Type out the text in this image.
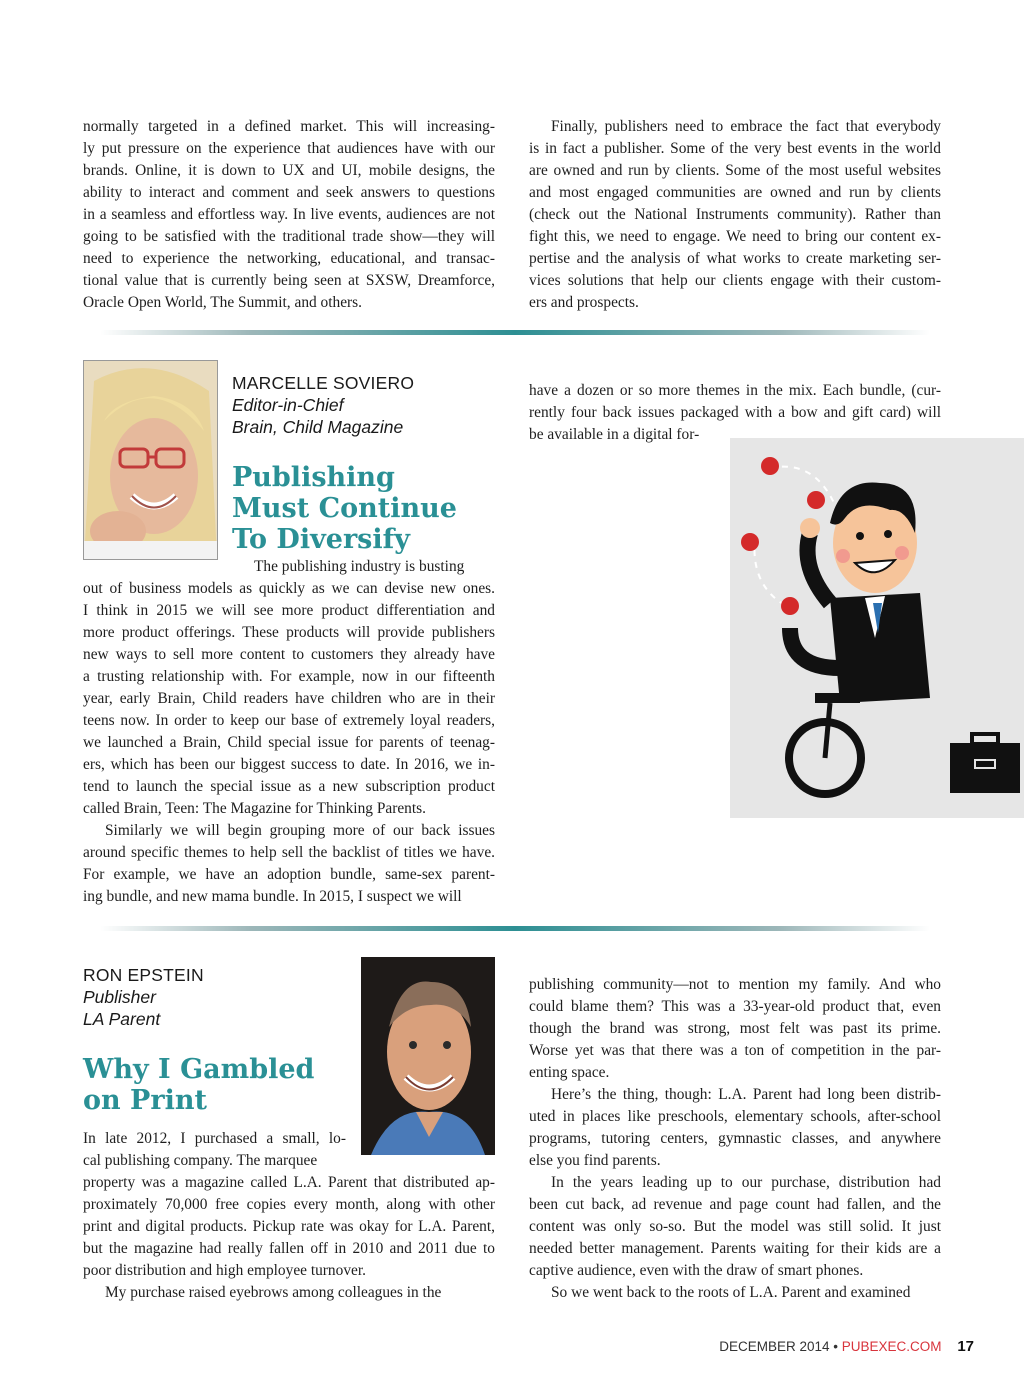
normally targeted in a defined market. This will increasing-
ly put pressure on the experience that audiences have with our
brands. Online, it is down to UX and UI, mobile designs, the
ability to interact and comment and seek answers to questions
in a seamless and effortless way. In live events, audiences are not
going to be satisfied with the traditional trade show—they will
need to experience the networking, educational, and transac-
tional value that is currently being seen at SXSW, Dreamforce,
Oracle Open World, The Summit, and others.
Finally, publishers need to embrace the fact that everybody
is in fact a publisher. Some of the very best events in the world
are owned and run by clients. Some of the most useful websites
and most engaged communities are owned and run by clients
(check out the National Instruments community). Rather than
fight this, we need to engage. We need to bring our content ex-
pertise and the analysis of what works to create marketing ser-
vices solutions that help our clients engage with their custom-
ers and prospects.
MARCELLE SOVIERO
Editor-in-Chief
Brain, Child Magazine
Publishing
Must Continue
To Diversify
The publishing industry is busting
out of business models as quickly as we can devise new ones.
I think in 2015 we will see more product differentiation and
more product offerings. These products will provide publishers
new ways to sell more content to customers they already have
a trusting relationship with. For example, now in our fifteenth
year, early Brain, Child readers have children who are in their
teens now. In order to keep our base of extremely loyal readers,
we launched a Brain, Child special issue for parents of teenag-
ers, which has been our biggest success to date. In 2016, we in-
tend to launch the special issue as a new subscription product
called Brain, Teen: The Magazine for Thinking Parents.
Similarly we will begin grouping more of our back issues
around specific themes to help sell the backlist of titles we have.
For example, we have an adoption bundle, same-sex parent-
ing bundle, and new mama bundle. In 2015, I suspect we will
have a dozen or so more themes in the mix. Each bundle, (cur-
rently four back issues packaged with a bow and gift card) will
be available in a digital for-
RON EPSTEIN
Publisher
LA Parent
Why I Gambled
on Print
In late 2012, I purchased a small, lo-
cal publishing company. The marquee
property was a magazine called L.A. Parent that distributed ap-
proximately 70,000 free copies every month, along with other
print and digital products. Pickup rate was okay for L.A. Parent,
but the magazine had really fallen off in 2010 and 2011 due to
poor distribution and high employee turnover.
My purchase raised eyebrows among colleagues in the
publishing community—not to mention my family. And who
could blame them? This was a 33-year-old product that, even
though the brand was strong, most felt was past its prime.
Worse yet was that there was a ton of competition in the par-
enting space.
Here’s the thing, though: L.A. Parent had long been distrib-
uted in places like preschools, elementary schools, after-school
programs, tutoring centers, gymnastic classes, and anywhere
else you find parents.
In the years leading up to our purchase, distribution had
been cut back, ad revenue and page count had fallen, and the
content was only so-so. But the model was still solid. It just
needed better management. Parents waiting for their kids are a
captive audience, even with the draw of smart phones.
So we went back to the roots of L.A. Parent and examined
DECEMBER 2014 • PUBEXEC.COM 17
